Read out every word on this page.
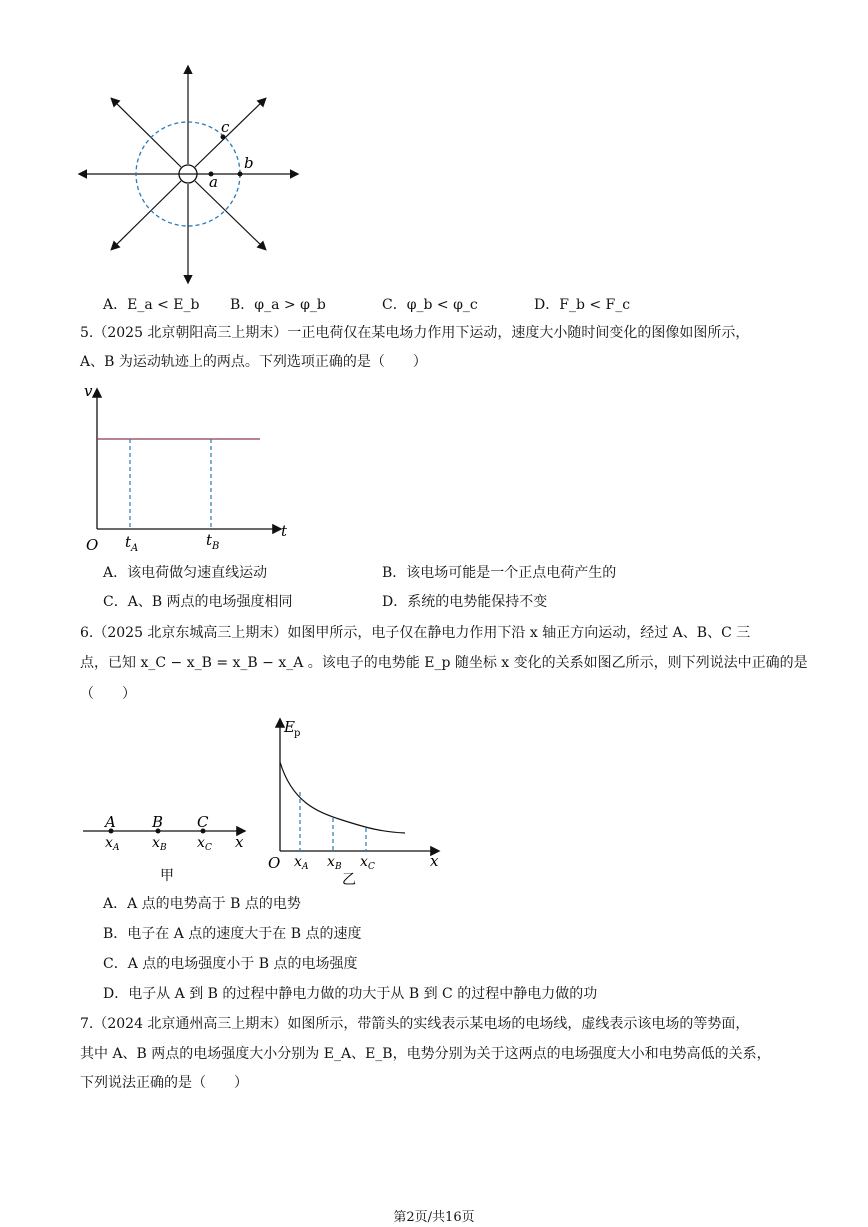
a
b
c
A．E_a < E_b B．φ_a > φ_b	C．φ_b < φ_c	D．F_b < F_c
5.（2025 北京朝阳高三上期末）一正电荷仅在某电场力作用下运动，速度大小随时间变化的图像如图所示，
A、B 为运动轨迹上的两点。下列选项正确的是（　　）
v
t
O t A	t B
A．该电荷做匀速直线运动	B．该电场可能是一个正点电荷产生的
C．A、B 两点的电场强度相同	D．系统的电势能保持不变
6.（2025 北京东城高三上期末）如图甲所示，电子仅在静电力作用下沿 x 轴正方向运动，经过 A、B、C 三
点，已知 x_C − x_B = x_B − x_A 。该电子的电势能 E_p 随坐标 x 变化的关系如图乙所示，则下列说法中正确的是
（　　）
A B C
x A x B x C x
甲
E p
O x A x B x C	x
乙
A．A 点的电势高于 B 点的电势
B．电子在 A 点的速度大于在 B 点的速度
C．A 点的电场强度小于 B 点的电场强度
D．电子从 A 到 B 的过程中静电力做的功大于从 B 到 C 的过程中静电力做的功
7.（2024 北京通州高三上期末）如图所示，带箭头的实线表示某电场的电场线，虚线表示该电场的等势面，
其中 A、B 两点的电场强度大小分别为 E_A、E_B，电势分别为关于这两点的电场强度大小和电势高低的关系，
下列说法正确的是（　　）
第2页/共16页
